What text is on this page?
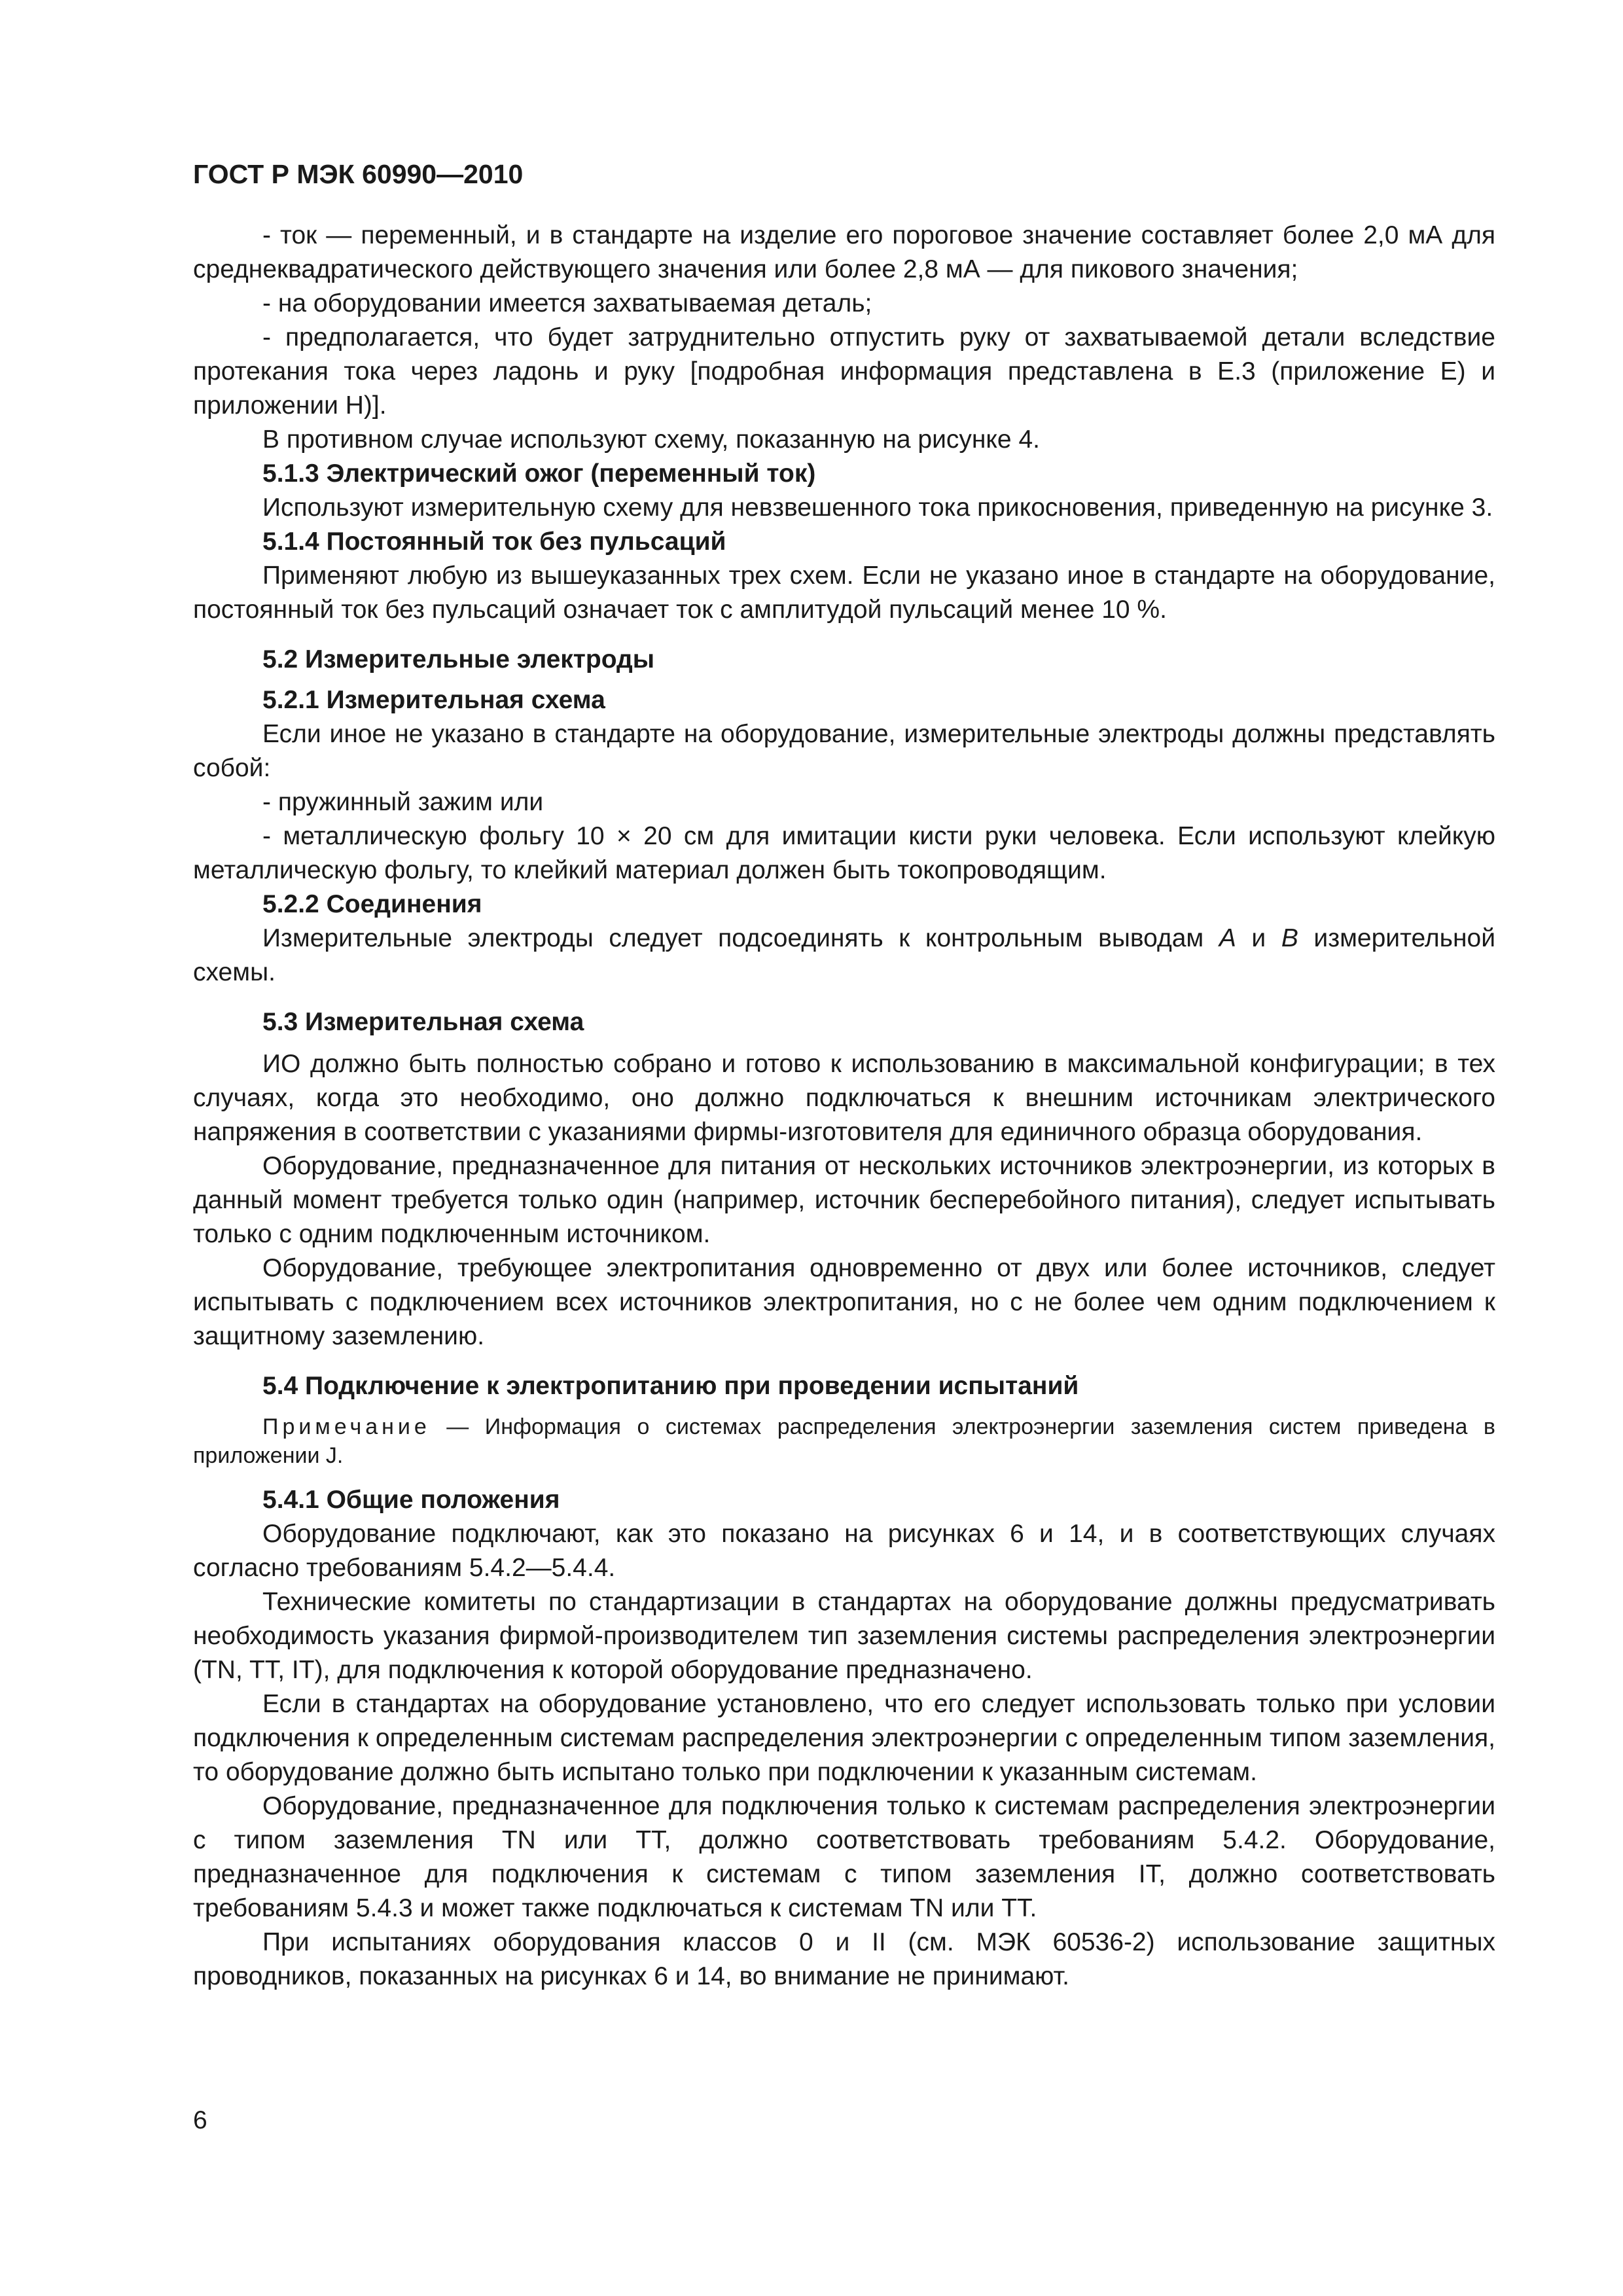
ГОСТ Р МЭК 60990—2010

- ток — переменный, и в стандарте на изделие его пороговое значение составляет более 2,0 мА для среднеквадратического действующего значения или более 2,8 мА — для пикового значения;

- на оборудовании имеется захватываемая деталь;

- предполагается, что будет затруднительно отпустить руку от захватываемой детали вследствие протекания тока через ладонь и руку [подробная информация представлена в Е.3 (приложение Е) и приложении Н)].

В противном случае используют схему, показанную на рисунке 4.

5.1.3 Электрический ожог (переменный ток)

Используют измерительную схему для невзвешенного тока прикосновения, приведенную на рисунке 3.

5.1.4 Постоянный ток без пульсаций

Применяют любую из вышеуказанных трех схем. Если не указано иное в стандарте на оборудование, постоянный ток без пульсаций означает ток с амплитудой пульсаций менее 10 %.

5.2 Измерительные электроды

5.2.1 Измерительная схема

Если иное не указано в стандарте на оборудование, измерительные электроды должны представлять собой:

- пружинный зажим или

- металлическую фольгу 10 × 20 см для имитации кисти руки человека. Если используют клейкую металлическую фольгу, то клейкий материал должен быть токопроводящим.

5.2.2 Соединения

Измерительные электроды следует подсоединять к контрольным выводам А и В измерительной схемы.

5.3 Измерительная схема

ИО должно быть полностью собрано и готово к использованию в максимальной конфигурации; в тех случаях, когда это необходимо, оно должно подключаться к внешним источникам электрического напряжения в соответствии с указаниями фирмы-изготовителя для единичного образца оборудования.

Оборудование, предназначенное для питания от нескольких источников электроэнергии, из которых в данный момент требуется только один (например, источник бесперебойного питания), следует испытывать только с одним подключенным источником.

Оборудование, требующее электропитания одновременно от двух или более источников, следует испытывать с подключением всех источников электропитания, но с не более чем одним подключением к защитному заземлению.

5.4 Подключение к электропитанию при проведении испытаний

Примечание — Информация о системах распределения электроэнергии заземления систем приведена в приложении J.

5.4.1 Общие положения

Оборудование подключают, как это показано на рисунках 6 и 14, и в соответствующих случаях согласно требованиям 5.4.2—5.4.4.

Технические комитеты по стандартизации в стандартах на оборудование должны предусматривать необходимость указания фирмой-производителем тип заземления системы распределения электроэнергии (TN, TT, IT), для подключения к которой оборудование предназначено.

Если в стандартах на оборудование установлено, что его следует использовать только при условии подключения к определенным системам распределения электроэнергии с определенным типом заземления, то оборудование должно быть испытано только при подключении к указанным системам.

Оборудование, предназначенное для подключения только к системам распределения электроэнергии с типом заземления TN или TT, должно соответствовать требованиям 5.4.2. Оборудование, предназначенное для подключения к системам с типом заземления IT, должно соответствовать требованиям 5.4.3 и может также подключаться к системам TN или TT.

При испытаниях оборудования классов 0 и II (см. МЭК 60536-2) использование защитных проводников, показанных на рисунках 6 и 14, во внимание не принимают.

6
